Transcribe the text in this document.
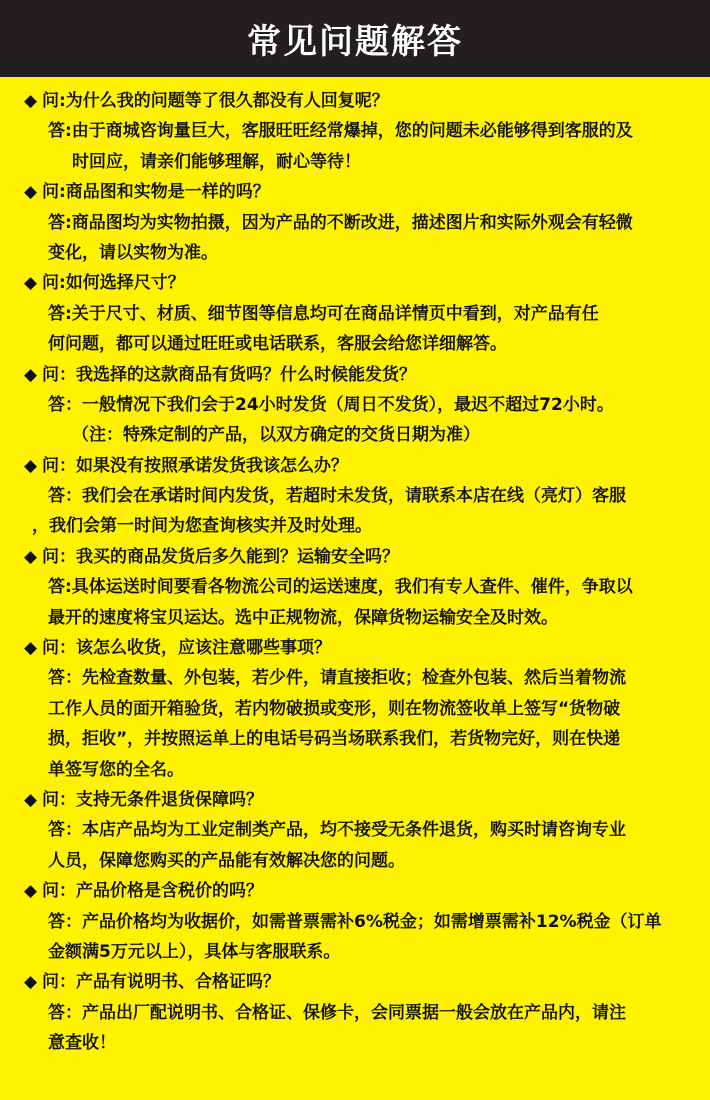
常见问题解答
◆ 问:为什么我的问题等了很久都没有人回复呢？
答:由于商城咨询量巨大，客服旺旺经常爆掉，您的问题未必能够得到客服的及
时回应，请亲们能够理解，耐心等待！
◆ 问:商品图和实物是一样的吗？
答:商品图均为实物拍摄，因为产品的不断改进，描述图片和实际外观会有轻微
变化，请以实物为准。
◆ 问:如何选择尺寸？
答:关于尺寸、材质、细节图等信息均可在商品详情页中看到，对产品有任
何问题，都可以通过旺旺或电话联系，客服会给您详细解答。
◆ 问：我选择的这款商品有货吗？什么时候能发货？
答：一般情况下我们会于24小时发货（周日不发货），最迟不超过72小时。
（注：特殊定制的产品，以双方确定的交货日期为准）
◆ 问：如果没有按照承诺发货我该怎么办？
答：我们会在承诺时间内发货，若超时未发货，请联系本店在线（亮灯）客服
，我们会第一时间为您查询核实并及时处理。
◆ 问：我买的商品发货后多久能到？运输安全吗？
答:具体运送时间要看各物流公司的运送速度，我们有专人查件、催件，争取以
最开的速度将宝贝运达。选中正规物流，保障货物运输安全及时效。
◆ 问：该怎么收货，应该注意哪些事项？
答：先检查数量、外包装，若少件，请直接拒收；检查外包装、然后当着物流
工作人员的面开箱验货，若内物破损或变形，则在物流签收单上签写“货物破
损，拒收”，并按照运单上的电话号码当场联系我们，若货物完好，则在快递
单签写您的全名。
◆ 问：支持无条件退货保障吗？
答：本店产品均为工业定制类产品，均不接受无条件退货，购买时请咨询专业
人员，保障您购买的产品能有效解决您的问题。
◆ 问：产品价格是含税价的吗？
答：产品价格均为收据价，如需普票需补6%税金；如需增票需补12%税金（订单
金额满5万元以上），具体与客服联系。
◆ 问：产品有说明书、合格证吗？
答：产品出厂配说明书、合格证、保修卡，会同票据一般会放在产品内，请注
意查收！
